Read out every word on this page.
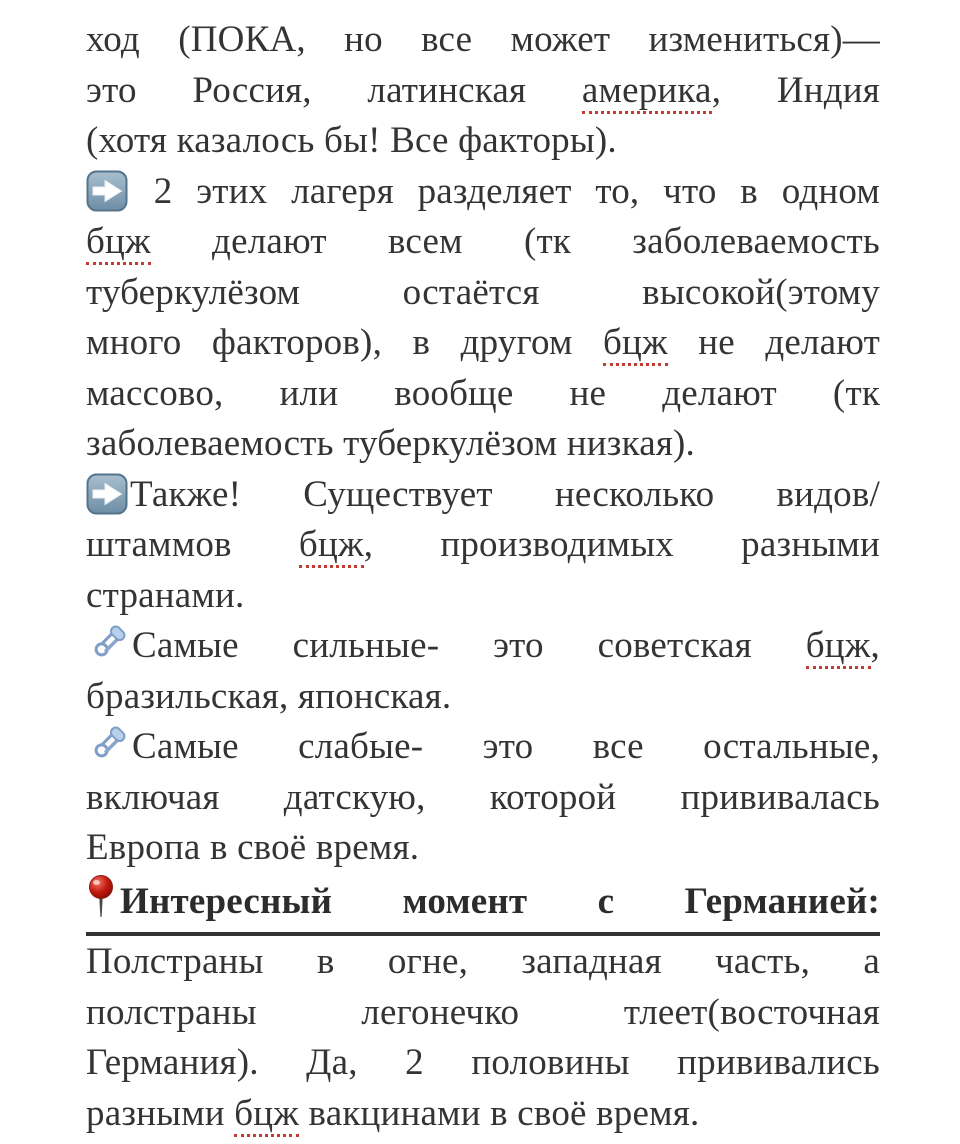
ход (ПОКА, но все может измениться)—
это Россия, латинская америка, Индия
(хотя казалось бы! Все факторы).
2 этих лагеря разделяет то, что в одном
бцж делают всем (тк заболеваемость
туберкулёзом остаётся высокой(этому
много факторов), в другом бцж не делают
массово, или вообще не делают (тк
заболеваемость туберкулёзом низкая).
Также! Существует несколько видов/
штаммов бцж, производимых разными
странами.
Самые сильные- это советская бцж,
бразильская, японская.
Самые слабые- это все остальные,
включая датскую, которой прививалась
Европа в своё время.
Интересный момент с Германией:
Полстраны в огне, западная часть, а
полстраны легонечко тлеет(восточная
Германия). Да, 2 половины прививались
разными бцж вакцинами в своё время.
